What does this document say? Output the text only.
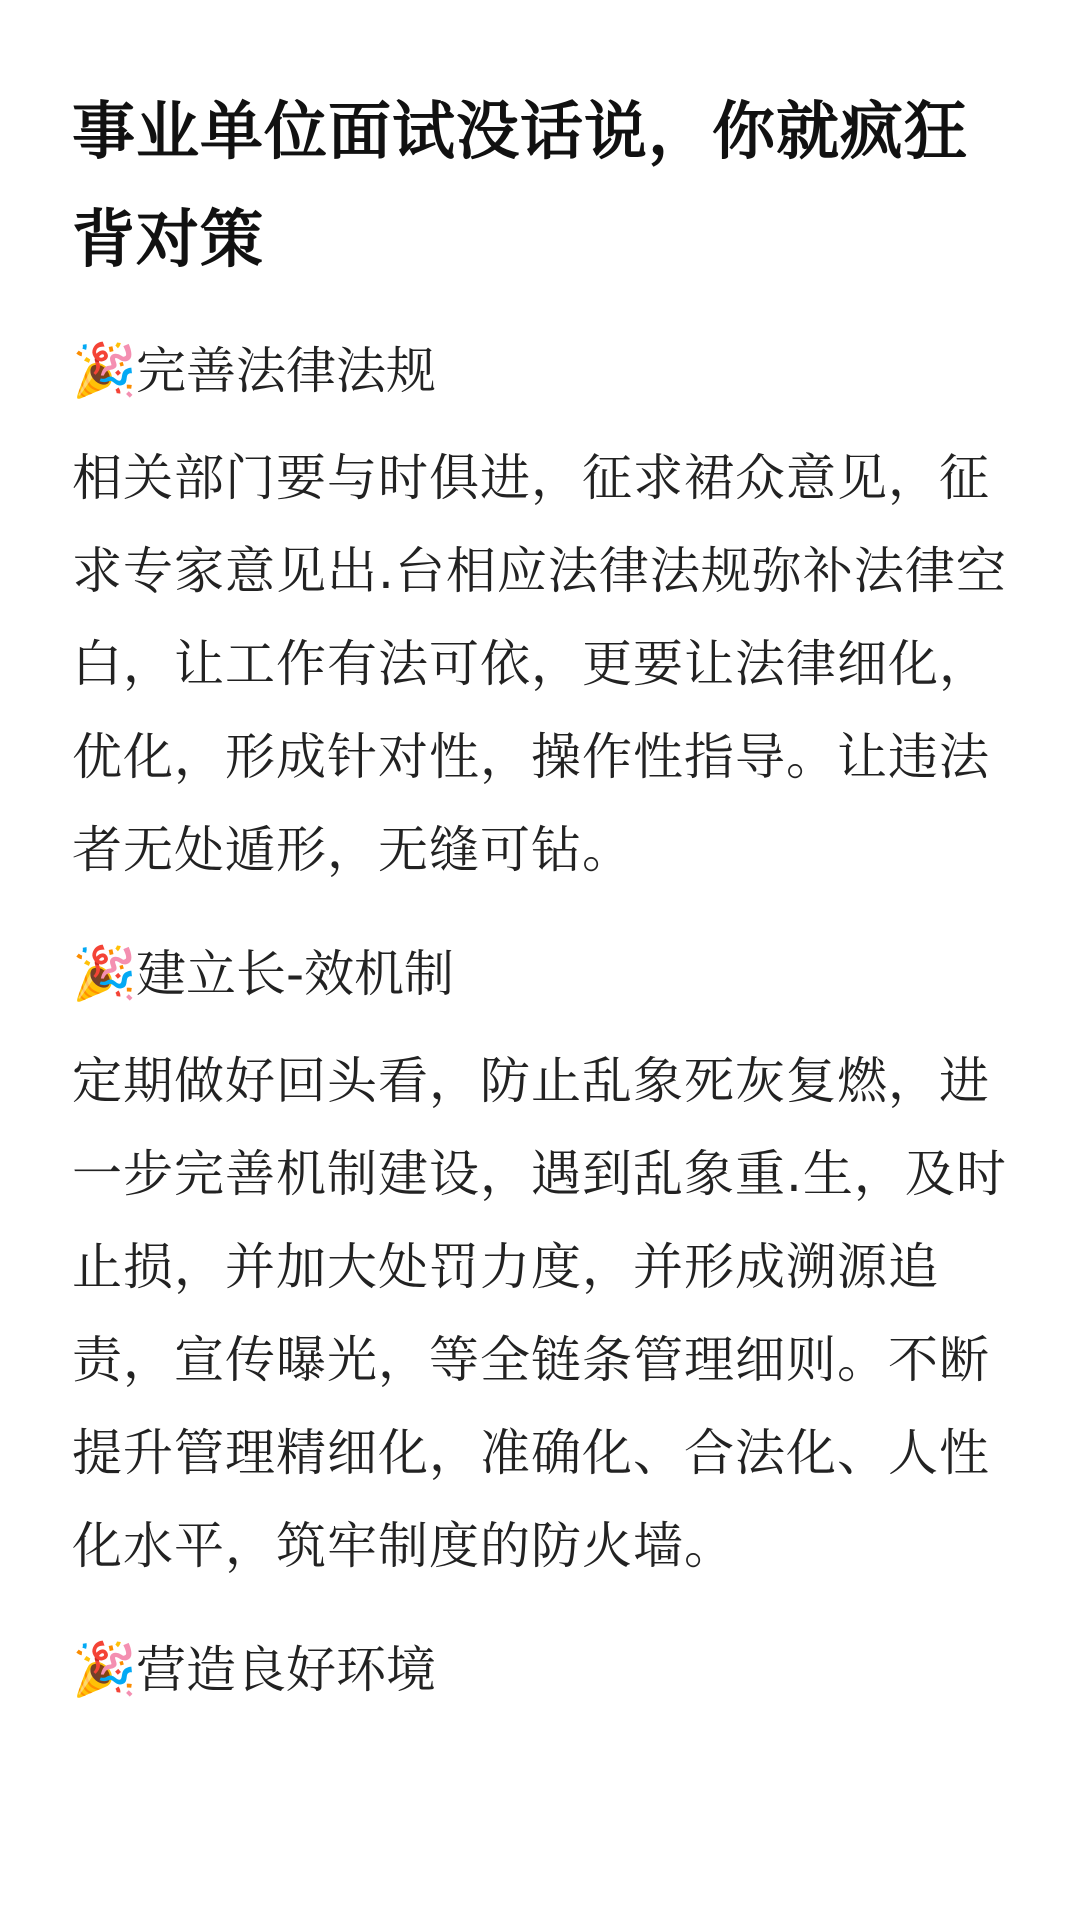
事业单位面试没话说，你就疯狂背对策
🎉 完善法律法规

相关部门要与时俱进，征求裙众意见，征求专家意见出.台相应法律法规弥补法律空白，让工作有法可依，更要让法律细化，优化，形成针对性，操作性指导。让违法者无处遁形，无缝可钻。

🎉 建立长-效机制

定期做好回头看，防止乱象死灰复燃，进一步完善机制建设，遇到乱象重.生，及时止损，并加大处罚力度，并形成溯源追责，宣传曝光，等全链条管理细则。不断提升管理精细化，准确化、合法化、人性化水平，筑牢制度的防火墙。

🎉 营造良好环境
